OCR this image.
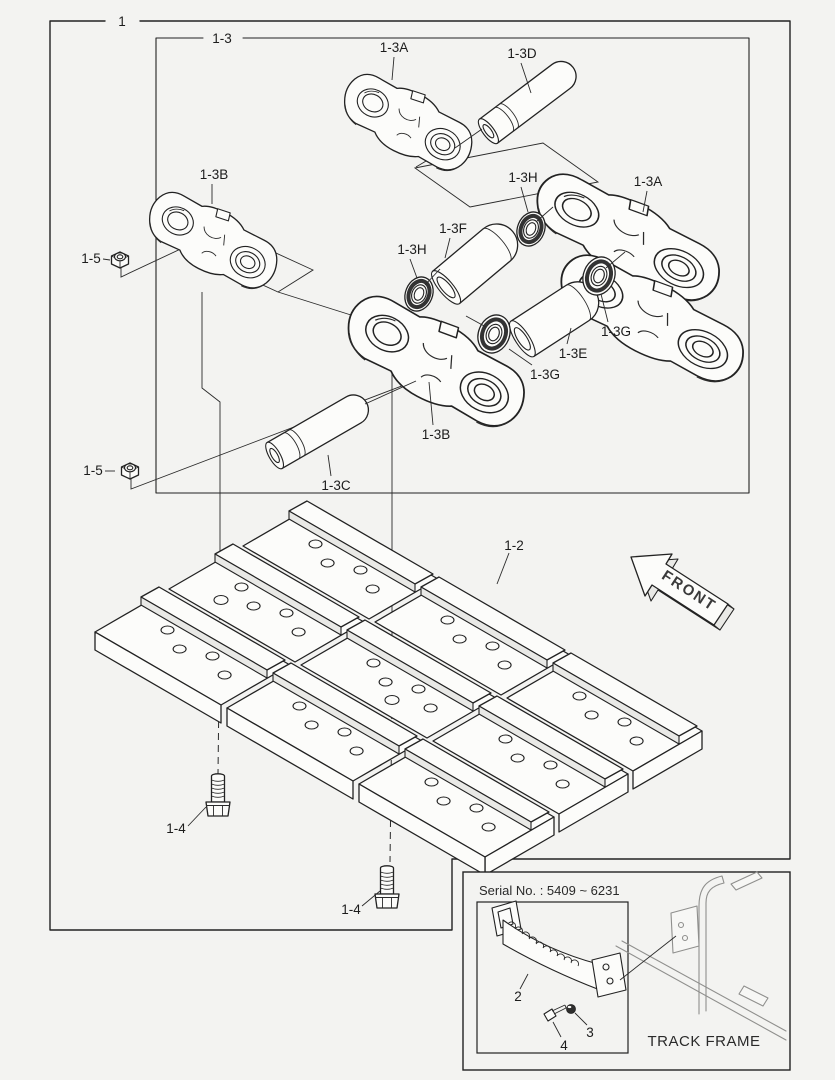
1
1-3
FRONT
1-3A	1-3D
1-3B	1-3A
1-3H
1-3F
1-3H
1-3E
1-3G
1-3G
1-3B
1-3C
1-5
1-5
1-2
1-4
1-4
Serial No. : 5409 ~ 6231
2
3
4	TRACK FRAME
